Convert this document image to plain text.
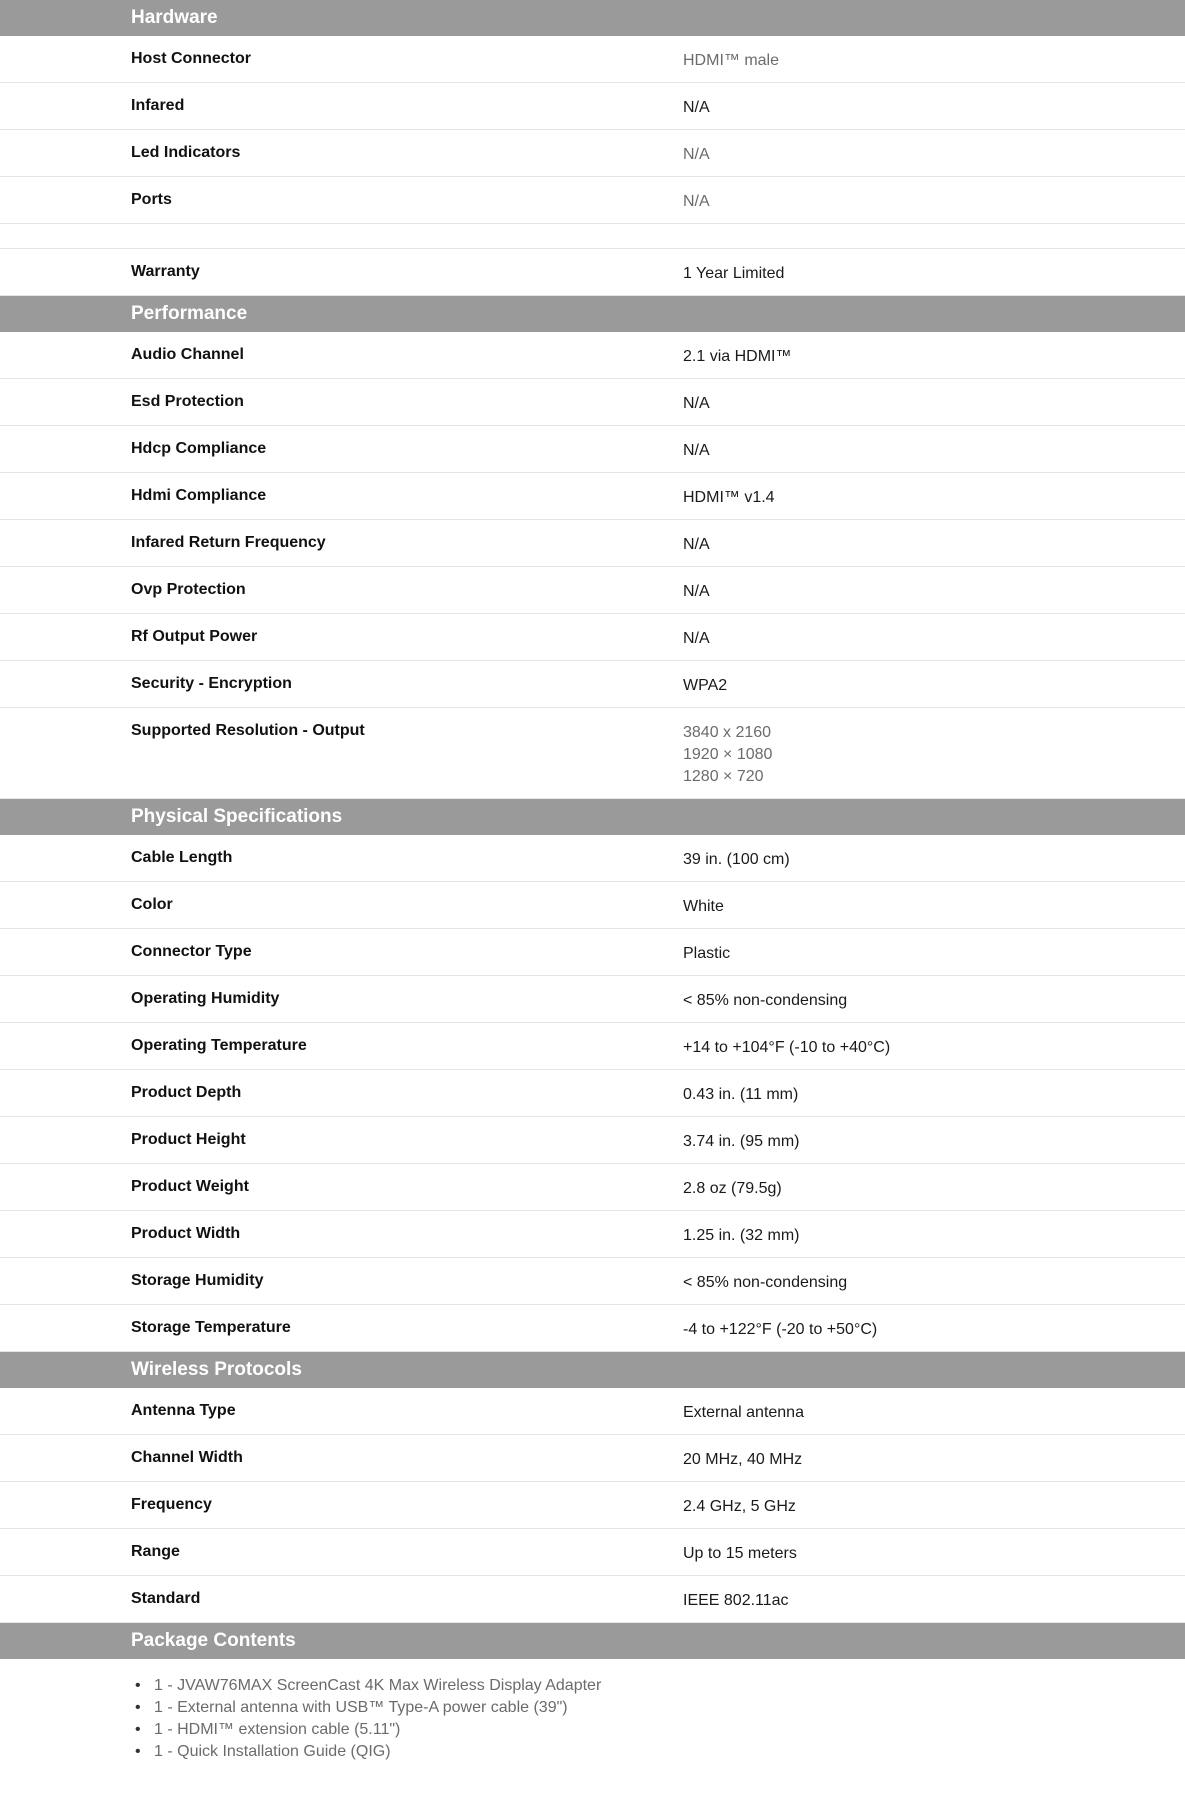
Hardware
Host Connector	HDMI™ male
Infared	N/A
Led Indicators	N/A
Ports	N/A
Warranty	1 Year Limited
Performance
Audio Channel	2.1 via HDMI™
Esd Protection	N/A
Hdcp Compliance	N/A
Hdmi Compliance	HDMI™ v1.4
Infared Return Frequency	N/A
Ovp Protection	N/A
Rf Output Power	N/A
Security - Encryption	WPA2
Supported Resolution - Output	3840 x 2160
1920 × 1080
1280 × 720
Physical Specifications
Cable Length	39 in. (100 cm)
Color	White
Connector Type	Plastic
Operating Humidity	< 85% non-condensing
Operating Temperature	+14 to +104°F (-10 to +40°C)
Product Depth	0.43 in. (11 mm)
Product Height	3.74 in. (95 mm)
Product Weight	2.8 oz (79.5g)
Product Width	1.25 in. (32 mm)
Storage Humidity	< 85% non-condensing
Storage Temperature	-4 to +122°F (-20 to +50°C)
Wireless Protocols
Antenna Type	External antenna
Channel Width	20 MHz, 40 MHz
Frequency	2.4 GHz, 5 GHz
Range	Up to 15 meters
Standard	IEEE 802.11ac
Package Contents
• 1 - JVAW76MAX ScreenCast 4K Max Wireless Display Adapter
• 1 - External antenna with USB™ Type-A power cable (39")
• 1 - HDMI™ extension cable (5.11")
• 1 - Quick Installation Guide (QIG)
